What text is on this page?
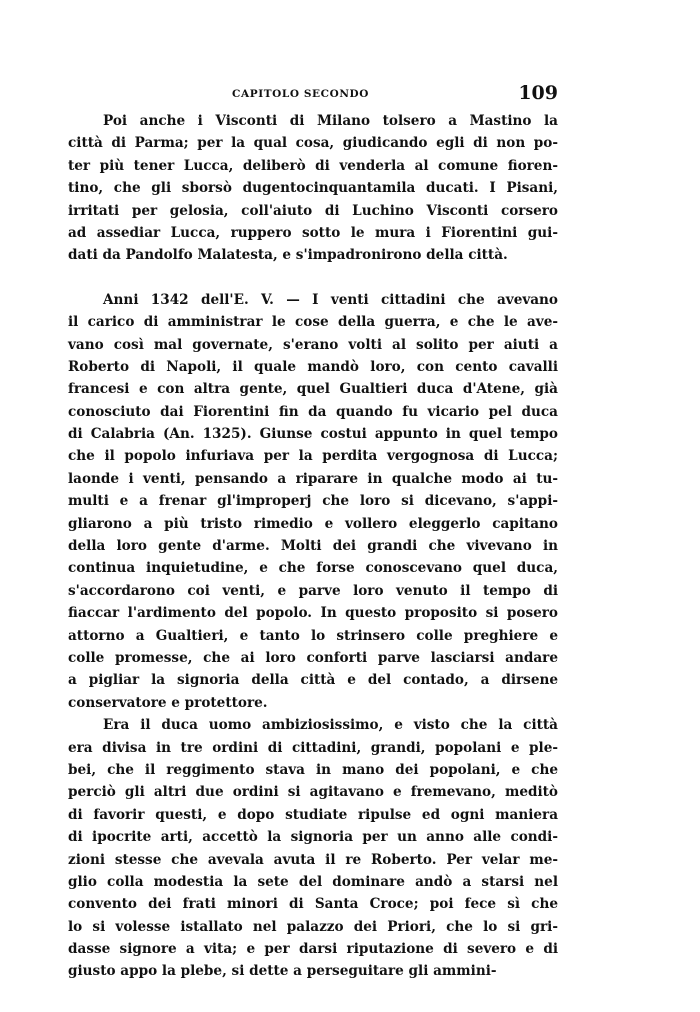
CAPITOLO SECONDO	109
Poi anche i Visconti di Milano tolsero a Mastino la
città di Parma; per la qual cosa, giudicando egli di non po-
ter più tener Lucca, deliberò di venderla al comune fioren-
tino, che gli sborsò dugentocinquantamila ducati. I Pisani,
irritati per gelosia, coll'aiuto di Luchino Visconti corsero
ad assediar Lucca, ruppero sotto le mura i Fiorentini gui-
dati da Pandolfo Malatesta, e s'impadronirono della città.
Anni 1342 dell'E. V. — I venti cittadini che avevano
il carico di amministrar le cose della guerra, e che le ave-
vano così mal governate, s'erano volti al solito per aiuti a
Roberto di Napoli, il quale mandò loro, con cento cavalli
francesi e con altra gente, quel Gualtieri duca d'Atene, già
conosciuto dai Fiorentini fin da quando fu vicario pel duca
di Calabria (An. 1325). Giunse costui appunto in quel tempo
che il popolo infuriava per la perdita vergognosa di Lucca;
laonde i venti, pensando a riparare in qualche modo ai tu-
multi e a frenar gl'improperj che loro si dicevano, s'appi-
gliarono a più tristo rimedio e vollero eleggerlo capitano
della loro gente d'arme. Molti dei grandi che vivevano in
continua inquietudine, e che forse conoscevano quel duca,
s'accordarono coi venti, e parve loro venuto il tempo di
fiaccar l'ardimento del popolo. In questo proposito si posero
attorno a Gualtieri, e tanto lo strinsero colle preghiere e
colle promesse, che ai loro conforti parve lasciarsi andare
a pigliar la signoria della città e del contado, a dirsene
conservatore e protettore.
Era il duca uomo ambiziosissimo, e visto che la città
era divisa in tre ordini di cittadini, grandi, popolani e ple-
bei, che il reggimento stava in mano dei popolani, e che
perciò gli altri due ordini si agitavano e fremevano, meditò
di favorir questi, e dopo studiate ripulse ed ogni maniera
di ipocrite arti, accettò la signoria per un anno alle condi-
zioni stesse che avevala avuta il re Roberto. Per velar me-
glio colla modestia la sete del dominare andò a starsi nel
convento dei frati minori di Santa Croce; poi fece sì che
lo si volesse istallato nel palazzo dei Priori, che lo si gri-
dasse signore a vita; e per darsi riputazione di severo e di
giusto appo la plebe, si dette a perseguitare gli ammini-
